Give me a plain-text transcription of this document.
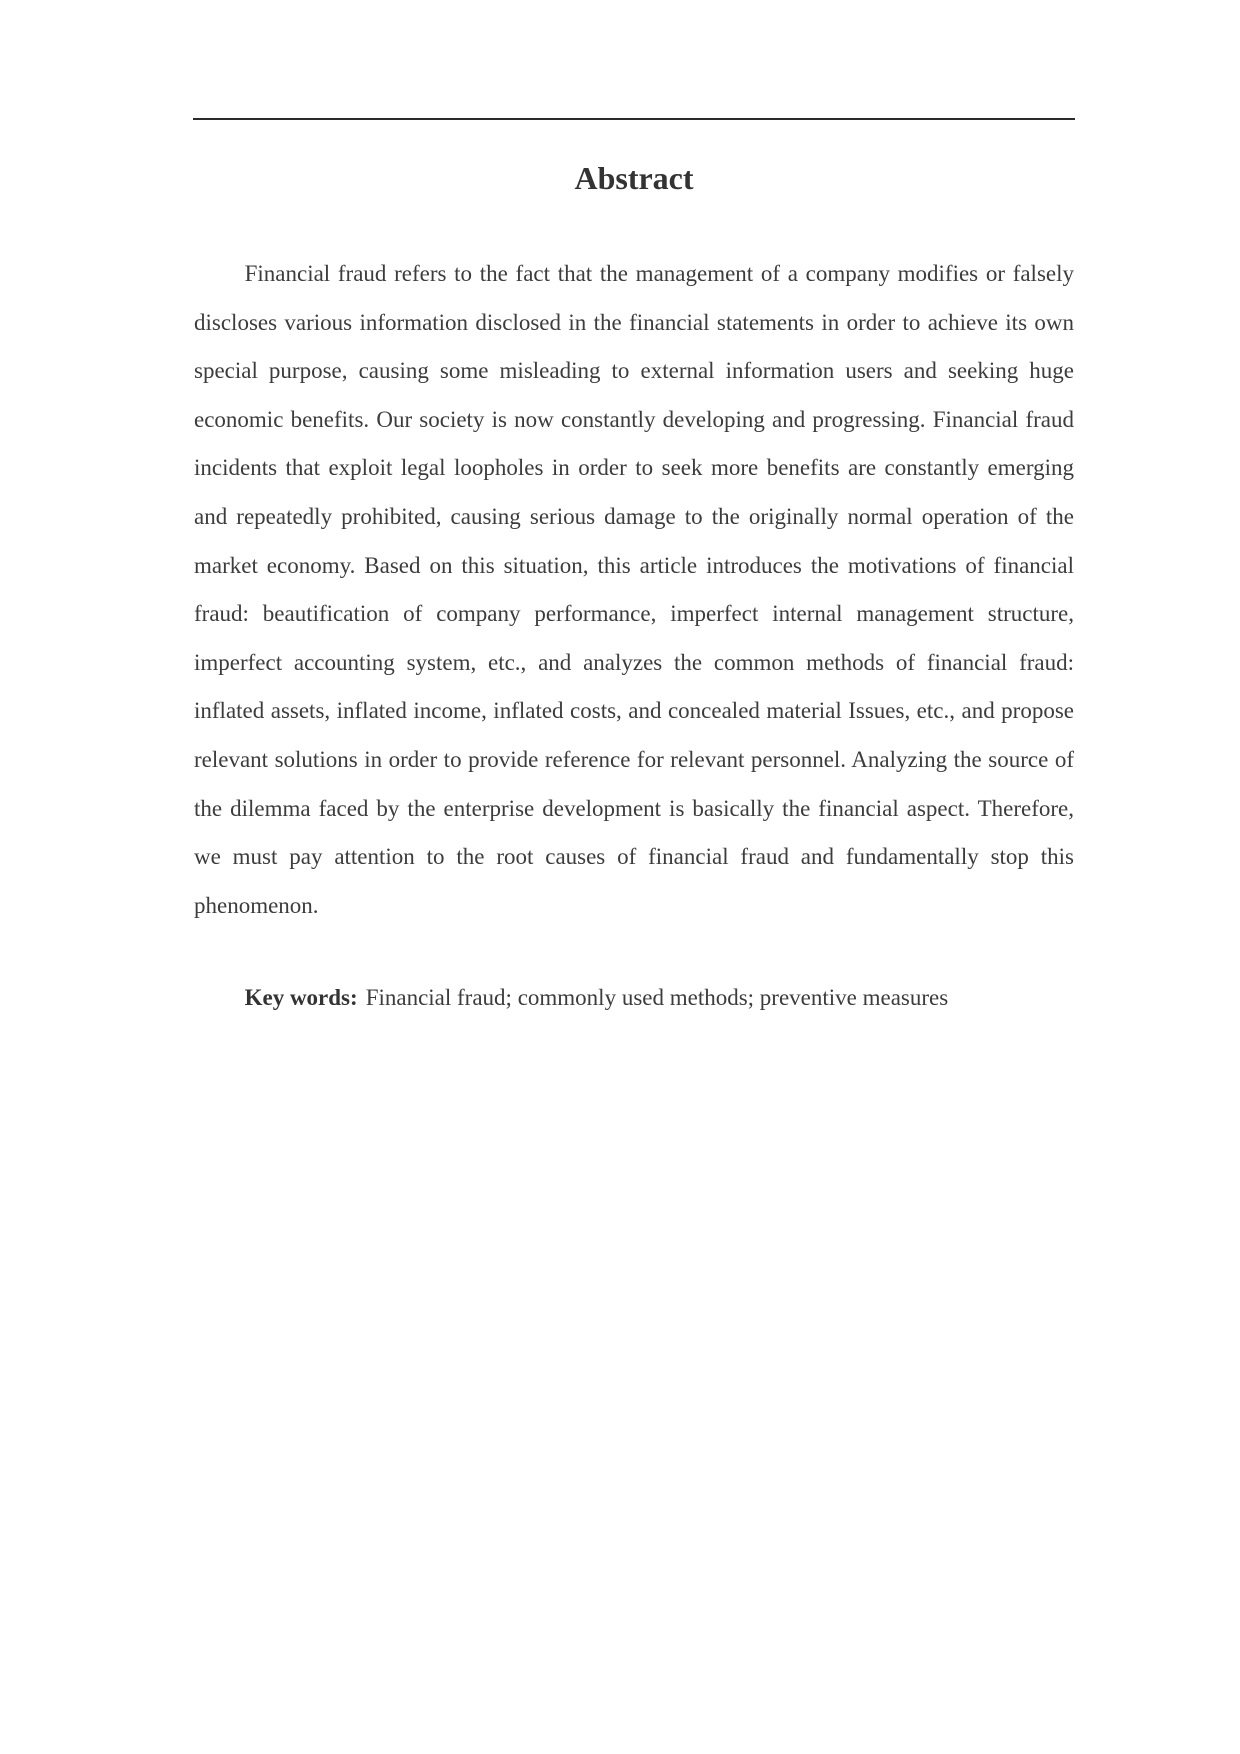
Abstract

Financial fraud refers to the fact that the management of a company modifies or falsely discloses various information disclosed in the financial statements in order to achieve its own special purpose, causing some misleading to external information users and seeking huge economic benefits. Our society is now constantly developing and progressing. Financial fraud incidents that exploit legal loopholes in order to seek more benefits are constantly emerging and repeatedly prohibited, causing serious damage to the originally normal operation of the market economy. Based on this situation, this article introduces the motivations of financial fraud: beautification of company performance, imperfect internal management structure, imperfect accounting system, etc., and analyzes the common methods of financial fraud: inflated assets, inflated income, inflated costs, and concealed material Issues, etc., and propose relevant solutions in order to provide reference for relevant personnel. Analyzing the source of the dilemma faced by the enterprise development is basically the financial aspect. Therefore, we must pay attention to the root causes of financial fraud and fundamentally stop this phenomenon.

Key words: Financial fraud; commonly used methods; preventive measures
